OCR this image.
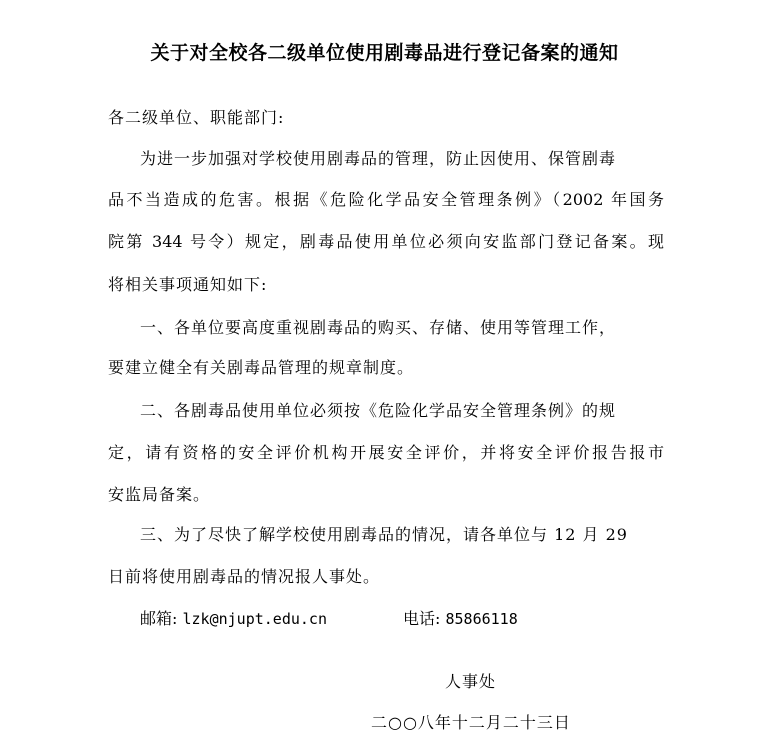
关于对全校各二级单位使用剧毒品进行登记备案的通知
各二级单位、职能部门:
为进一步加强对学校使用剧毒品的管理，防止因使用、保管剧毒
品不当造成的危害。根据《危险化学品安全管理条例》（2002 年国务
院第 344 号令）规定，剧毒品使用单位必须向安监部门登记备案。现
将相关事项通知如下:
一、各单位要高度重视剧毒品的购买、存储、使用等管理工作，
要建立健全有关剧毒品管理的规章制度。
二、各剧毒品使用单位必须按《危险化学品安全管理条例》的规
定，请有资格的安全评价机构开展安全评价，并将安全评价报告报市
安监局备案。
三、为了尽快了解学校使用剧毒品的情况，请各单位与 12 月 29
日前将使用剧毒品的情况报人事处。
邮箱: lzk@njupt.edu.cn	电话: 85866118
人事处
二○○八年十二月二十三日
